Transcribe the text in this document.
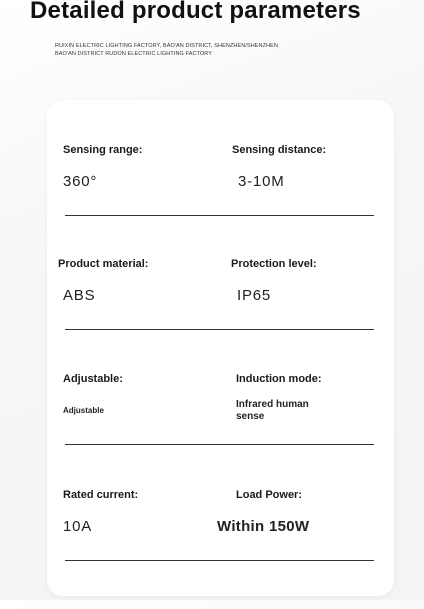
Detailed product parameters
RUIXIN ELECTRIC LIGHTING FACTORY, BAO'AN DISTRICT, SHENZHEN/SHENZHEN
BAO'AN DISTRICT RUDON ELECTRIC LIGHTING FACTORY
Sensing range:
360°
Sensing distance:
3-10M
Product material:
ABS
Protection level:
IP65
Adjustable:
Adjustable
Induction mode:
Infrared human sense
Rated current:
10A
Load Power:
Within 150W
